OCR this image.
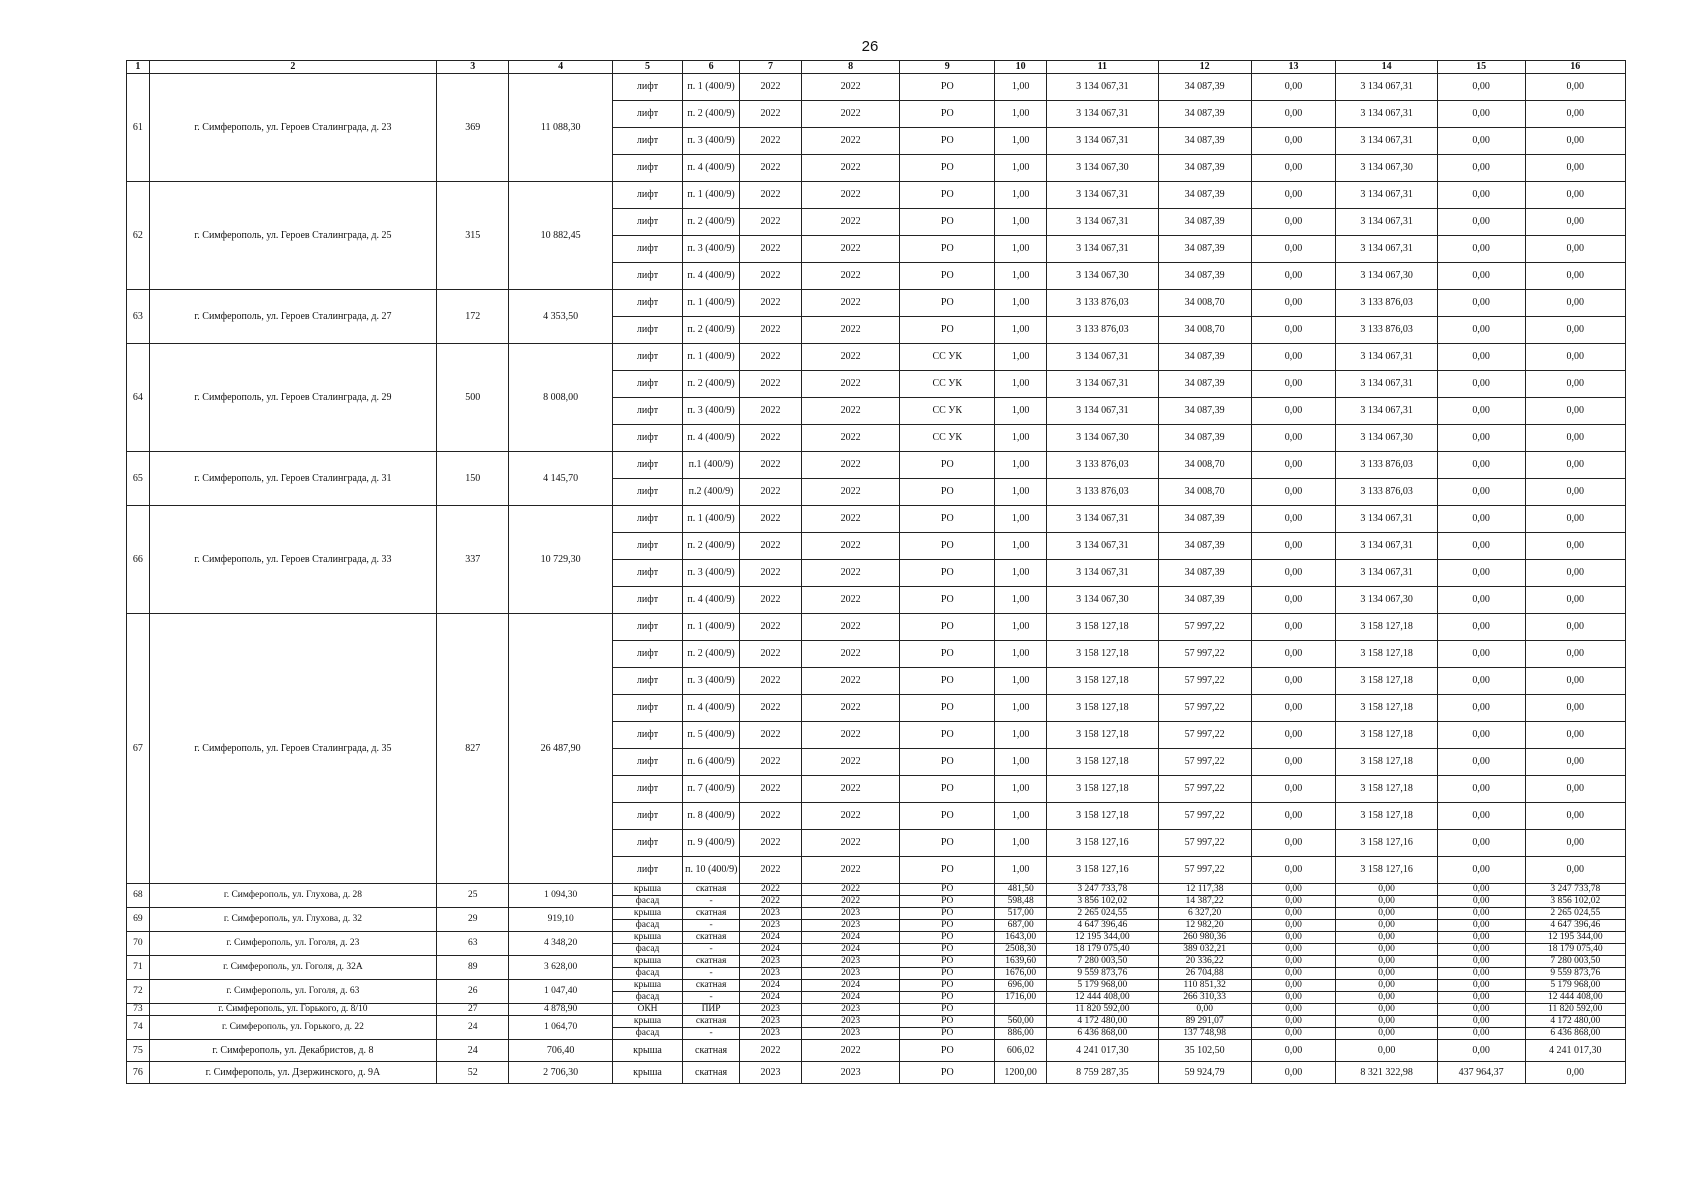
26
1	2	3	4	5	6	7	8	9	10	11	12	13	14	15	16
61	г. Симферополь, ул. Героев Сталинграда, д. 23	369	11 088,30	лифт	п. 1 (400/9)	2022	2022	РО	1,00	3 134 067,31	34 087,39	0,00	3 134 067,31	0,00	0,00
				лифт	п. 2 (400/9)	2022	2022	РО	1,00	3 134 067,31	34 087,39	0,00	3 134 067,31	0,00	0,00
				лифт	п. 3 (400/9)	2022	2022	РО	1,00	3 134 067,31	34 087,39	0,00	3 134 067,31	0,00	0,00
				лифт	п. 4 (400/9)	2022	2022	РО	1,00	3 134 067,30	34 087,39	0,00	3 134 067,30	0,00	0,00
62	г. Симферополь, ул. Героев Сталинграда, д. 25	315	10 882,45	лифт	п. 1 (400/9)	2022	2022	РО	1,00	3 134 067,31	34 087,39	0,00	3 134 067,31	0,00	0,00
				лифт	п. 2 (400/9)	2022	2022	РО	1,00	3 134 067,31	34 087,39	0,00	3 134 067,31	0,00	0,00
				лифт	п. 3 (400/9)	2022	2022	РО	1,00	3 134 067,31	34 087,39	0,00	3 134 067,31	0,00	0,00
				лифт	п. 4 (400/9)	2022	2022	РО	1,00	3 134 067,30	34 087,39	0,00	3 134 067,30	0,00	0,00
63	г. Симферополь, ул. Героев Сталинграда, д. 27	172	4 353,50	лифт	п. 1 (400/9)	2022	2022	РО	1,00	3 133 876,03	34 008,70	0,00	3 133 876,03	0,00	0,00
				лифт	п. 2 (400/9)	2022	2022	РО	1,00	3 133 876,03	34 008,70	0,00	3 133 876,03	0,00	0,00
64	г. Симферополь, ул. Героев Сталинграда, д. 29	500	8 008,00	лифт	п. 1 (400/9)	2022	2022	СС УК	1,00	3 134 067,31	34 087,39	0,00	3 134 067,31	0,00	0,00
				лифт	п. 2 (400/9)	2022	2022	СС УК	1,00	3 134 067,31	34 087,39	0,00	3 134 067,31	0,00	0,00
				лифт	п. 3 (400/9)	2022	2022	СС УК	1,00	3 134 067,31	34 087,39	0,00	3 134 067,31	0,00	0,00
				лифт	п. 4 (400/9)	2022	2022	СС УК	1,00	3 134 067,30	34 087,39	0,00	3 134 067,30	0,00	0,00
65	г. Симферополь, ул. Героев Сталинграда, д. 31	150	4 145,70	лифт	п.1 (400/9)	2022	2022	РО	1,00	3 133 876,03	34 008,70	0,00	3 133 876,03	0,00	0,00
				лифт	п.2 (400/9)	2022	2022	РО	1,00	3 133 876,03	34 008,70	0,00	3 133 876,03	0,00	0,00
66	г. Симферополь, ул. Героев Сталинграда, д. 33	337	10 729,30	лифт	п. 1 (400/9)	2022	2022	РО	1,00	3 134 067,31	34 087,39	0,00	3 134 067,31	0,00	0,00
				лифт	п. 2 (400/9)	2022	2022	РО	1,00	3 134 067,31	34 087,39	0,00	3 134 067,31	0,00	0,00
				лифт	п. 3 (400/9)	2022	2022	РО	1,00	3 134 067,31	34 087,39	0,00	3 134 067,31	0,00	0,00
				лифт	п. 4 (400/9)	2022	2022	РО	1,00	3 134 067,30	34 087,39	0,00	3 134 067,30	0,00	0,00
67	г. Симферополь, ул. Героев Сталинграда, д. 35	827	26 487,90	лифт	п. 1 (400/9)	2022	2022	РО	1,00	3 158 127,18	57 997,22	0,00	3 158 127,18	0,00	0,00
				лифт	п. 2 (400/9)	2022	2022	РО	1,00	3 158 127,18	57 997,22	0,00	3 158 127,18	0,00	0,00
				лифт	п. 3 (400/9)	2022	2022	РО	1,00	3 158 127,18	57 997,22	0,00	3 158 127,18	0,00	0,00
				лифт	п. 4 (400/9)	2022	2022	РО	1,00	3 158 127,18	57 997,22	0,00	3 158 127,18	0,00	0,00
				лифт	п. 5 (400/9)	2022	2022	РО	1,00	3 158 127,18	57 997,22	0,00	3 158 127,18	0,00	0,00
				лифт	п. 6 (400/9)	2022	2022	РО	1,00	3 158 127,18	57 997,22	0,00	3 158 127,18	0,00	0,00
				лифт	п. 7 (400/9)	2022	2022	РО	1,00	3 158 127,18	57 997,22	0,00	3 158 127,18	0,00	0,00
				лифт	п. 8 (400/9)	2022	2022	РО	1,00	3 158 127,18	57 997,22	0,00	3 158 127,18	0,00	0,00
				лифт	п. 9 (400/9)	2022	2022	РО	1,00	3 158 127,16	57 997,22	0,00	3 158 127,16	0,00	0,00
				лифт	п. 10 (400/9)	2022	2022	РО	1,00	3 158 127,16	57 997,22	0,00	3 158 127,16	0,00	0,00
68	г. Симферополь, ул. Глухова, д. 28	25	1 094,30	крыша	скатная	2022	2022	РО	481,50	3 247 733,78	12 117,38	0,00	0,00	0,00	3 247 733,78
				фасад	-	2022	2022	РО	598,48	3 856 102,02	14 387,22	0,00	0,00	0,00	3 856 102,02
69	г. Симферополь, ул. Глухова, д. 32	29	919,10	крыша	скатная	2023	2023	РО	517,00	2 265 024,55	6 327,20	0,00	0,00	0,00	2 265 024,55
				фасад	-	2023	2023	РО	687,00	4 647 396,46	12 982,20	0,00	0,00	0,00	4 647 396,46
70	г. Симферополь, ул. Гоголя, д. 23	63	4 348,20	крыша	скатная	2024	2024	РО	1643,00	12 195 344,00	260 980,36	0,00	0,00	0,00	12 195 344,00
				фасад	-	2024	2024	РО	2508,30	18 179 075,40	389 032,21	0,00	0,00	0,00	18 179 075,40
71	г. Симферополь, ул. Гоголя, д. 32А	89	3 628,00	крыша	скатная	2023	2023	РО	1639,60	7 280 003,50	20 336,22	0,00	0,00	0,00	7 280 003,50
				фасад	-	2023	2023	РО	1676,00	9 559 873,76	26 704,88	0,00	0,00	0,00	9 559 873,76
72	г. Симферополь, ул. Гоголя, д. 63	26	1 047,40	крыша	скатная	2024	2024	РО	696,00	5 179 968,00	110 851,32	0,00	0,00	0,00	5 179 968,00
				фасад	-	2024	2024	РО	1716,00	12 444 408,00	266 310,33	0,00	0,00	0,00	12 444 408,00
73	г. Симферополь, ул. Горького, д. 8/10	27	4 878,90	ОКН	ПИР	2023	2023	РО		11 820 592,00	0,00	0,00	0,00	0,00	11 820 592,00
74	г. Симферополь, ул. Горького, д. 22	24	1 064,70	крыша	скатная	2023	2023	РО	560,00	4 172 480,00	89 291,07	0,00	0,00	0,00	4 172 480,00
				фасад	-	2023	2023	РО	886,00	6 436 868,00	137 748,98	0,00	0,00	0,00	6 436 868,00
75	г. Симферополь, ул. Декабристов, д. 8	24	706,40	крыша	скатная	2022	2022	РО	606,02	4 241 017,30	35 102,50	0,00	0,00	0,00	4 241 017,30
76	г. Симферополь, ул. Дзержинского, д. 9А	52	2 706,30	крыша	скатная	2023	2023	РО	1200,00	8 759 287,35	59 924,79	0,00	8 321 322,98	437 964,37	0,00
